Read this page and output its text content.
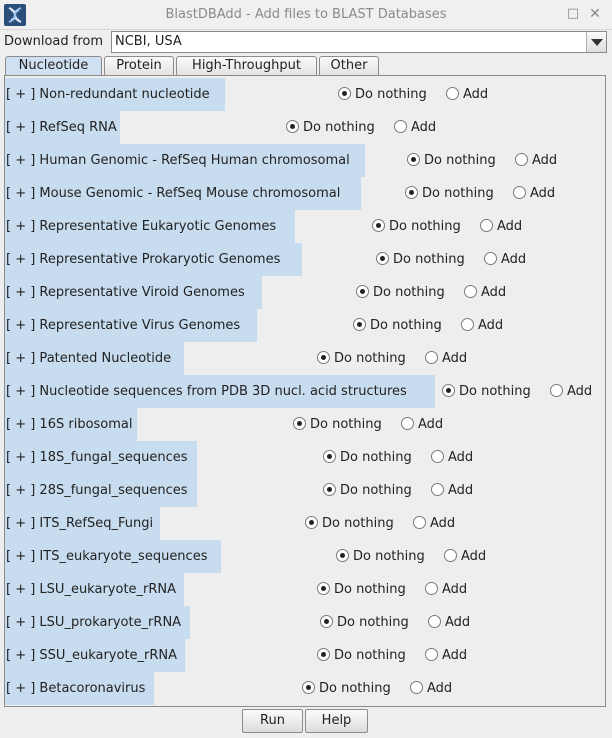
BlastDBAdd - Add files to BLAST Databases	□ ✕
Download from NCBI, USA
Nucleotide	Protein	High-Throughput	Other
[ + ] Non-redundant nucleotide	Do nothing	Add
[ + ] RefSeq RNA	Do nothing	Add
[ + ] Human Genomic - RefSeq Human chromosomal	Do nothing	Add
[ + ] Mouse Genomic - RefSeq Mouse chromosomal	Do nothing	Add
[ + ] Representative Eukaryotic Genomes	Do nothing	Add
[ + ] Representative Prokaryotic Genomes	Do nothing	Add
[ + ] Representative Viroid Genomes	Do nothing	Add
[ + ] Representative Virus Genomes	Do nothing	Add
[ + ] Patented Nucleotide	Do nothing	Add
[ + ] Nucleotide sequences from PDB 3D nucl. acid structures	Do nothing	Add
[ + ] 16S ribosomal	Do nothing	Add
[ + ] 18S_fungal_sequences	Do nothing	Add
[ + ] 28S_fungal_sequences	Do nothing	Add
[ + ] ITS_RefSeq_Fungi	Do nothing	Add
[ + ] ITS_eukaryote_sequences	Do nothing	Add
[ + ] LSU_eukaryote_rRNA	Do nothing	Add
[ + ] LSU_prokaryote_rRNA	Do nothing	Add
[ + ] SSU_eukaryote_rRNA	Do nothing	Add
[ + ] Betacoronavirus	Do nothing	Add
Run	Help
